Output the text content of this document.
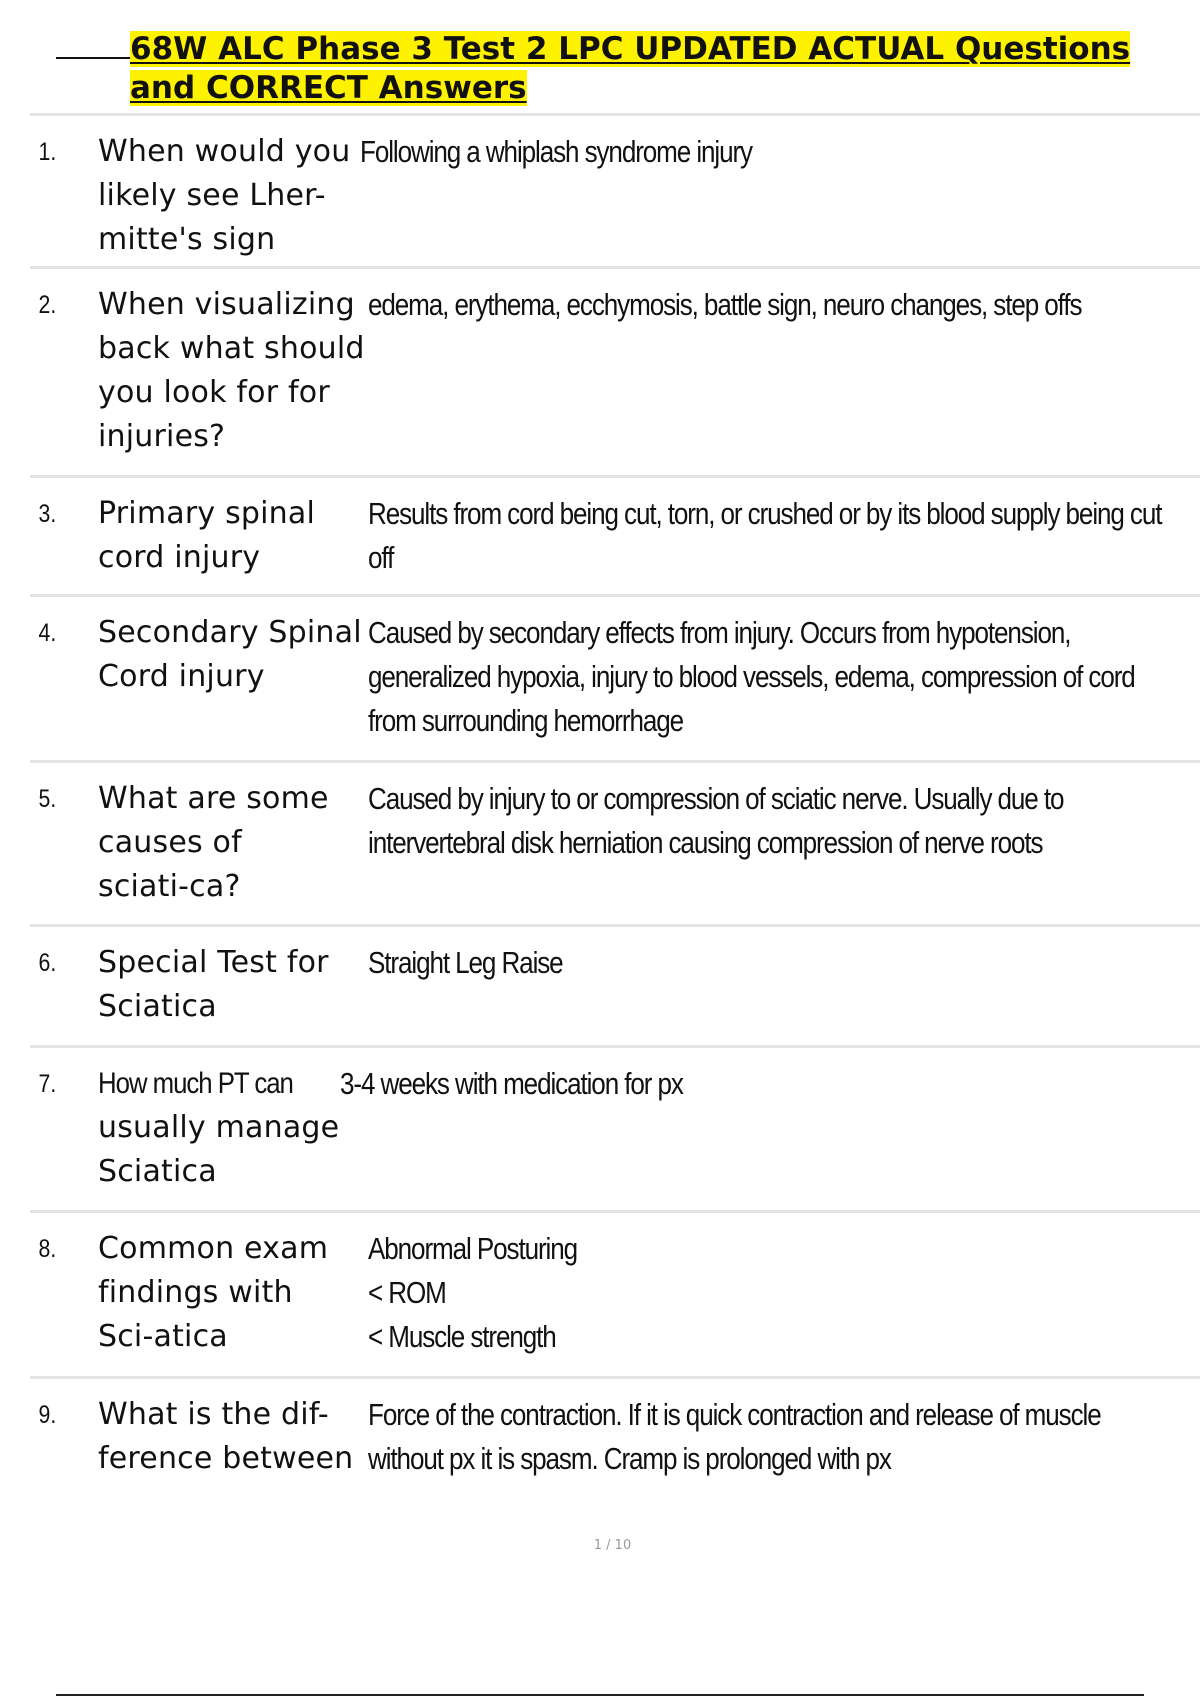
68W ALC Phase 3 Test 2 LPC UPDATED ACTUAL Questions and CORRECT Answers
1.	When would you likely see Lher-mitte's sign
Following a whiplash syndrome injury
2.	When visualizing back what should you look for for injuries?
edema, erythema, ecchymosis, battle sign, neuro changes, step offs
3.	Primary spinal cord injury
Results from cord being cut, torn, or crushed or by its blood supply being cut off
4.	Secondary Spinal Cord injury
Caused by secondary effects from injury. Occurs from hypotension, generalized hypoxia, injury to blood vessels, edema, compression of cord from surrounding hemorrhage
5.	What are some causes of sciati-ca?
Caused by injury to or compression of sciatic nerve. Usually due to intervertebral disk herniation causing compression of nerve roots
6.	Special Test for Sciatica
Straight Leg Raise
7.	How much PT can
usually manage Sciatica
3-4 weeks with medication for px
8.	Common exam findings with Sci-atica
Abnormal Posturing
< ROM
< Muscle strength
9.	What is the dif-ference between
Force of the contraction. If it is quick contraction and release of muscle without px it is spasm. Cramp is prolonged with px
1 / 10
